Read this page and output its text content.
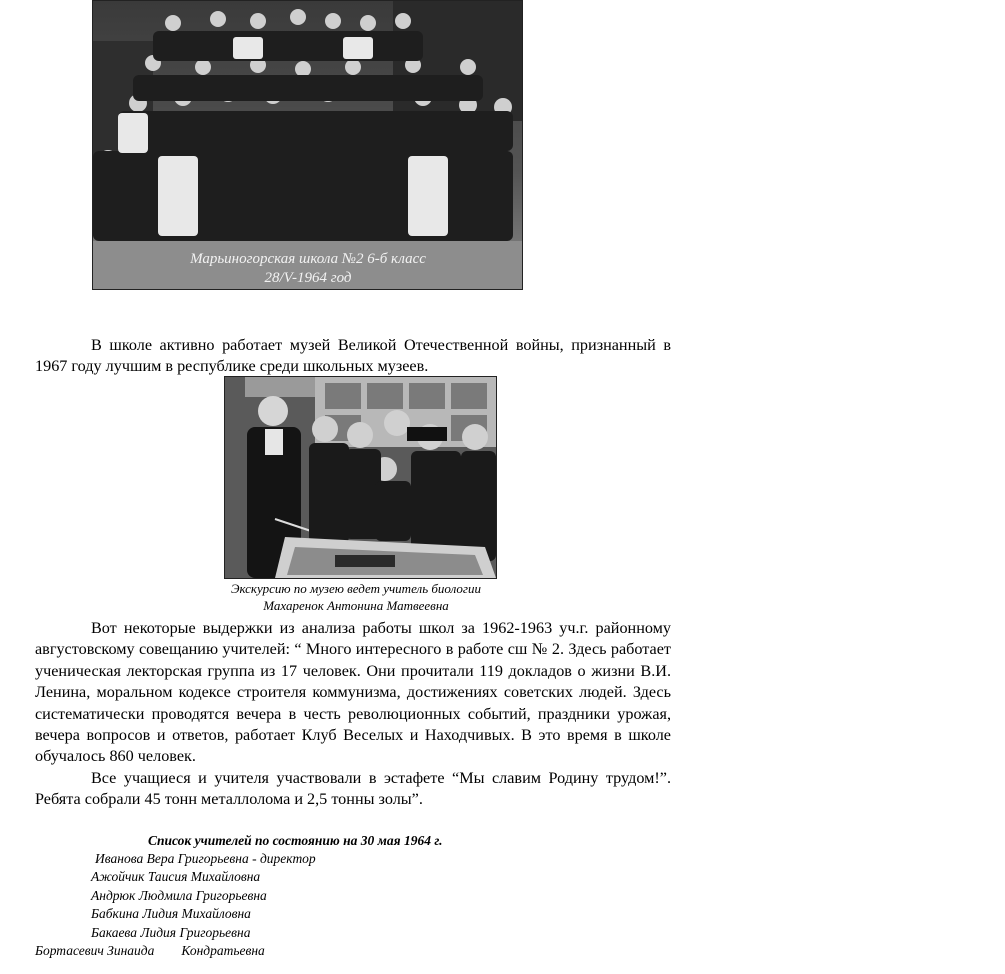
Марьиногорская школа №2 6-б класс
28/V-1964 год

В школе активно работает музей Великой Отечественной войны, признанный в 1967 году лучшим в республике среди школьных музеев.

Экскурсию по музею ведет учитель биологии
Махаренок Антонина Матвеевна

Вот некоторые выдержки из анализа работы школ за 1962-1963 уч.г. районному августовскому совещанию учителей: “ Много интересного в работе сш № 2. Здесь работает ученическая лекторская группа из 17 человек. Они прочитали 119 докладов о жизни В.И. Ленина, моральном кодексе строителя коммунизма, достижениях советских людей. Здесь систематически проводятся вечера в честь революционных событий, праздники урожая, вечера вопросов и ответов, работает Клуб Веселых и Находчивых. В это время в школе обучалось 860 человек.

Все учащиеся и учителя участвовали в эстафете “Мы славим Родину трудом!”. Ребята собрали 45 тонн металлолома и 2,5 тонны золы”.

Список учителей по состоянию на 30 мая 1964 г.
Иванова Вера Григорьевна - директор
Ажойчик Таисия Михайловна
Андрюк Людмила Григорьевна
Бабкина Лидия Михайловна
Бакаева Лидия Григорьевна
Бортасевич Зинаида        Кондратьевна
